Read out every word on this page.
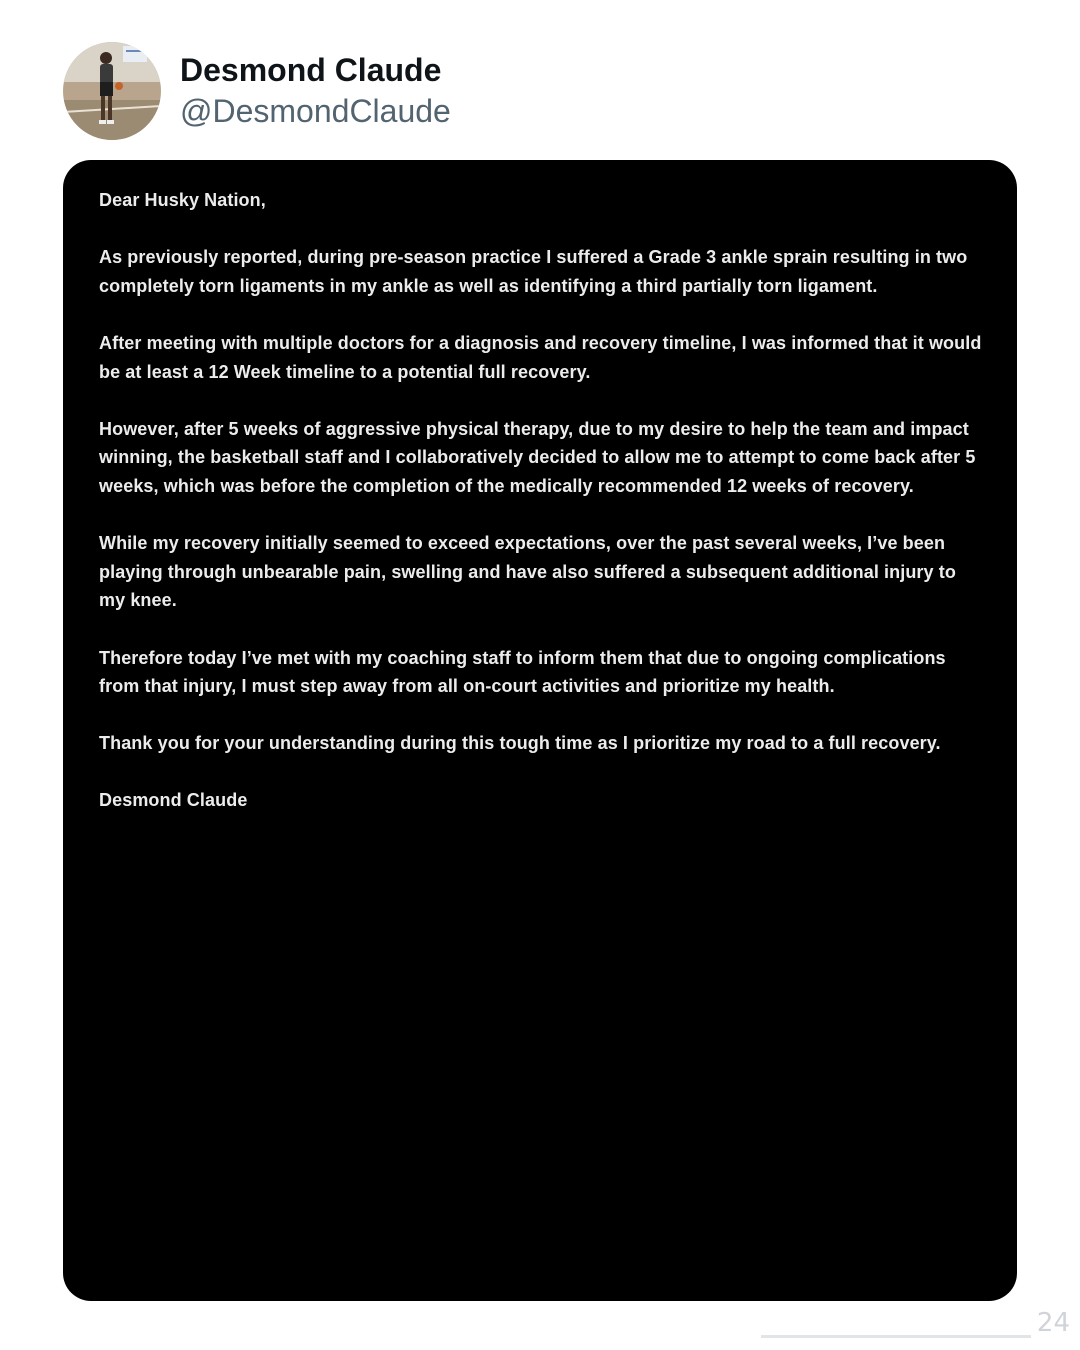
Desmond Claude
@DesmondClaude

Dear Husky Nation,

As previously reported, during pre-season practice I suffered a Grade 3 ankle sprain resulting in two completely torn ligaments in my ankle as well as identifying a third partially torn ligament.

After meeting with multiple doctors for a diagnosis and recovery timeline, I was informed that it would be at least a 12 Week timeline to a potential full recovery.

However, after 5 weeks of aggressive physical therapy, due to my desire to help the team and impact winning, the basketball staff and I collaboratively decided to allow me to attempt to come back after 5 weeks, which was before the completion of the medically recommended 12 weeks of recovery.

While my recovery initially seemed to exceed expectations, over the past several weeks, I’ve been playing through unbearable pain, swelling and have also suffered a subsequent additional injury to my knee.

Therefore today I’ve met with my coaching staff to inform them that due to ongoing complications from that injury, I must step away from all on-court activities and prioritize my health.

Thank you for your understanding during this tough time as I prioritize my road to a full recovery.

Desmond Claude

24
